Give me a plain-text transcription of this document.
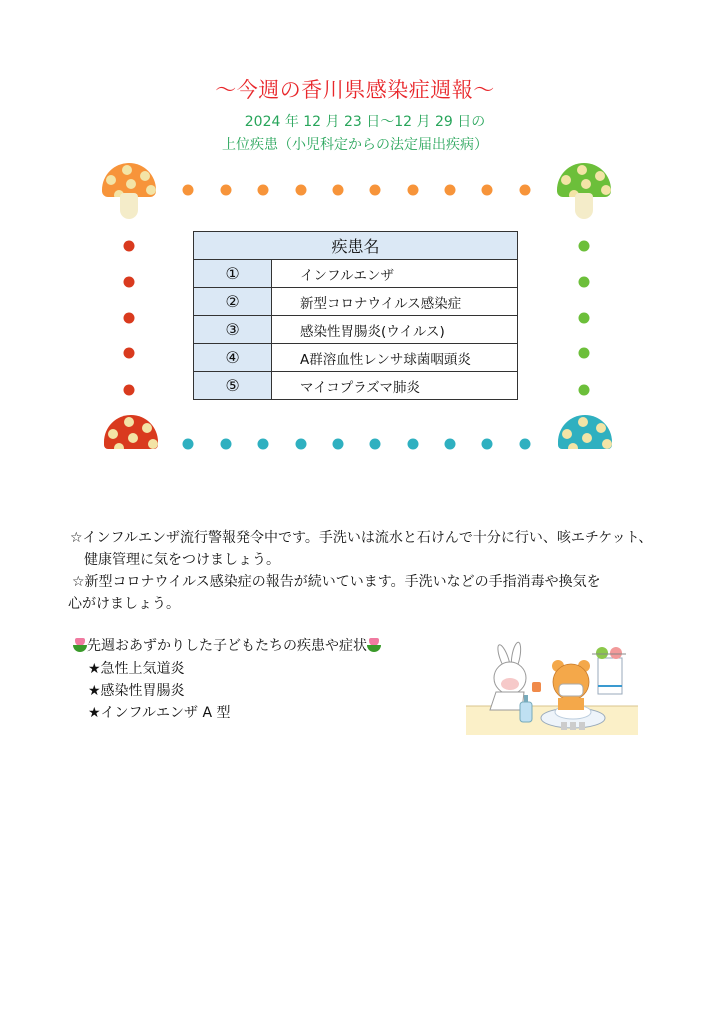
〜今週の香川県感染症週報〜
2024 年 12 月 23 日〜12 月 29 日の
上位疾患（小児科定からの法定届出疾病）
疾患名	
①	インフルエンザ
②	新型コロナウイルス感染症
③	感染性胃腸炎(ウイルス)
④	A群溶血性レンサ球菌咽頭炎
⑤	マイコプラズマ肺炎
☆インフルエンザ流行警報発令中です。手洗いは流水と石けんで十分に行い、咳エチケット、
健康管理に気をつけましょう。
☆新型コロナウイルス感染症の報告が続いています。手洗いなどの手指消毒や換気を
心がけましょう。
先週おあずかりした子どもたちの疾患や症状
★急性上気道炎
★感染性胃腸炎
★インフルエンザ A 型
